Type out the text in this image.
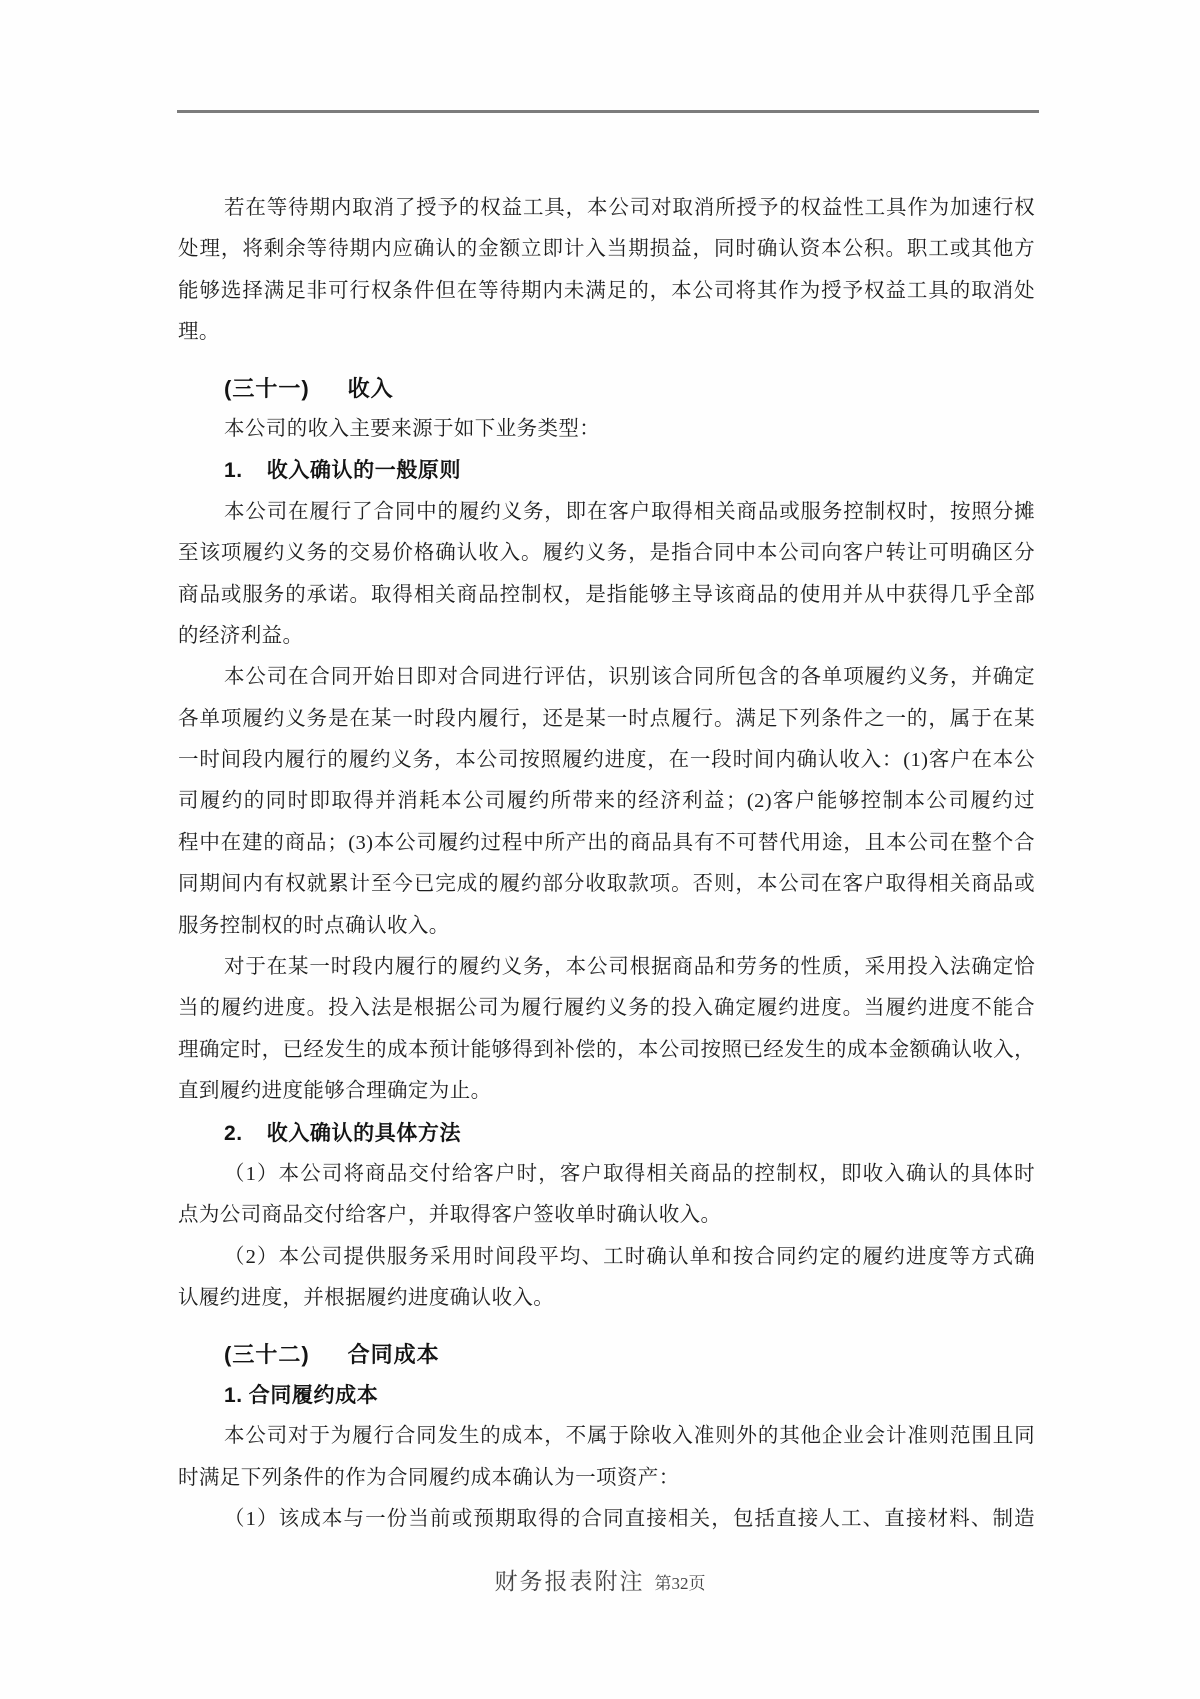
若在等待期内取消了授予的权益工具，本公司对取消所授予的权益性工具作为加速行权
处理，将剩余等待期内应确认的金额立即计入当期损益，同时确认资本公积。职工或其他方
能够选择满足非可行权条件但在等待期内未满足的，本公司将其作为授予权益工具的取消处
理。
(三十一) 收入
本公司的收入主要来源于如下业务类型：
1. 收入确认的一般原则
本公司在履行了合同中的履约义务，即在客户取得相关商品或服务控制权时，按照分摊
至该项履约义务的交易价格确认收入。履约义务，是指合同中本公司向客户转让可明确区分
商品或服务的承诺。取得相关商品控制权，是指能够主导该商品的使用并从中获得几乎全部
的经济利益。
本公司在合同开始日即对合同进行评估，识别该合同所包含的各单项履约义务，并确定
各单项履约义务是在某一时段内履行，还是某一时点履行。满足下列条件之一的，属于在某
一时间段内履行的履约义务，本公司按照履约进度，在一段时间内确认收入：(1)客户在本公
司履约的同时即取得并消耗本公司履约所带来的经济利益；(2)客户能够控制本公司履约过
程中在建的商品；(3)本公司履约过程中所产出的商品具有不可替代用途，且本公司在整个合
同期间内有权就累计至今已完成的履约部分收取款项。否则，本公司在客户取得相关商品或
服务控制权的时点确认收入。
对于在某一时段内履行的履约义务，本公司根据商品和劳务的性质，采用投入法确定恰
当的履约进度。投入法是根据公司为履行履约义务的投入确定履约进度。当履约进度不能合
理确定时，已经发生的成本预计能够得到补偿的，本公司按照已经发生的成本金额确认收入，
直到履约进度能够合理确定为止。
2. 收入确认的具体方法
（1）本公司将商品交付给客户时，客户取得相关商品的控制权，即收入确认的具体时
点为公司商品交付给客户，并取得客户签收单时确认收入。
（2）本公司提供服务采用时间段平均、工时确认单和按合同约定的履约进度等方式确
认履约进度，并根据履约进度确认收入。
(三十二) 合同成本
1. 合同履约成本
本公司对于为履行合同发生的成本，不属于除收入准则外的其他企业会计准则范围且同
时满足下列条件的作为合同履约成本确认为一项资产：
（1）该成本与一份当前或预期取得的合同直接相关，包括直接人工、直接材料、制造
财务报表附注 第32页
